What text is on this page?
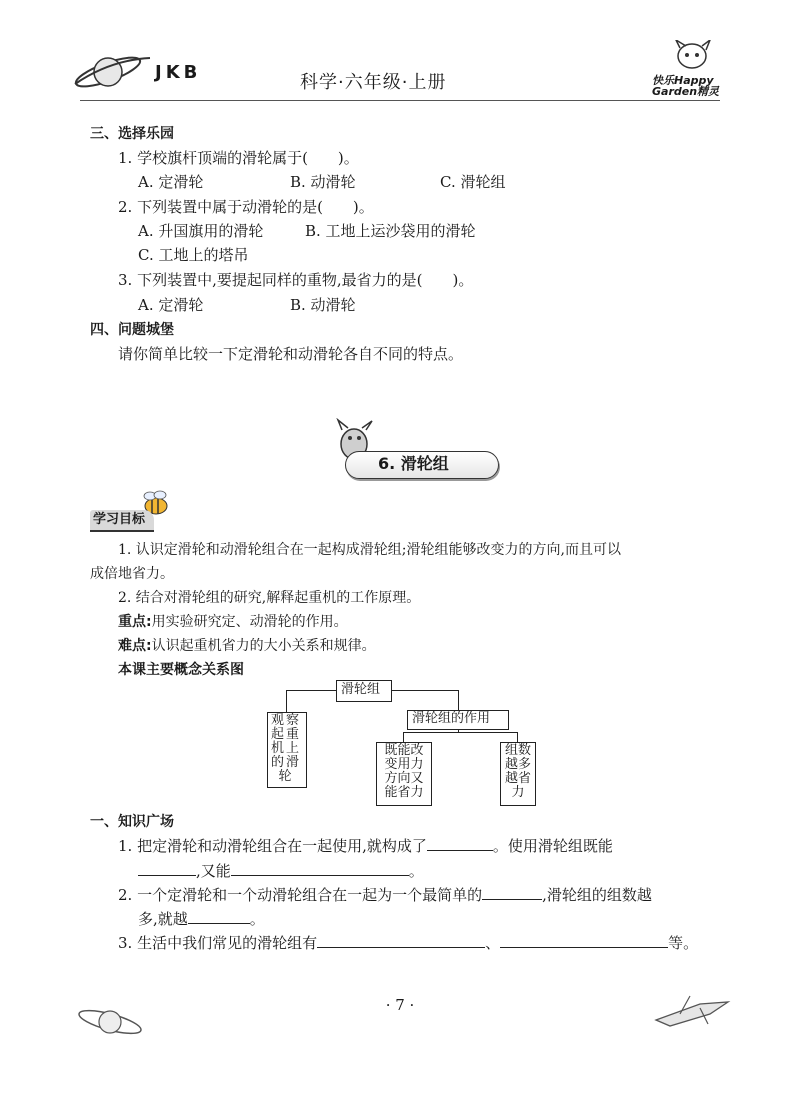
JKB	科学·六年级·上册	快乐Happy Garden精灵
三、选择乐园
1. 学校旗杆顶端的滑轮属于(　　)。
A. 定滑轮	B. 动滑轮	C. 滑轮组
2. 下列装置中属于动滑轮的是(　　)。
A. 升国旗用的滑轮	B. 工地上运沙袋用的滑轮
C. 工地上的塔吊
3. 下列装置中,要提起同样的重物,最省力的是(　　)。
A. 定滑轮	B. 动滑轮
四、问题城堡
请你简单比较一下定滑轮和动滑轮各自不同的特点。
6. 滑轮组
学习目标
1. 认识定滑轮和动滑轮组合在一起构成滑轮组;滑轮组能够改变力的方向,而且可以
成倍地省力。
2. 结合对滑轮组的研究,解释起重机的工作原理。
重点:用实验研究定、动滑轮的作用。
难点:认识起重机省力的大小关系和规律。
本课主要概念关系图
滑轮组
观察起重机上的滑轮
滑轮组的作用
既能改变用力方向又能省力
组数越多越省力
一、知识广场
1. 把定滑轮和动滑轮组合在一起使用,就构成了	。使用滑轮组既能
,又能	。
2. 一个定滑轮和一个动滑轮组合在一起为一个最简单的	,滑轮组的组数越
多,就越	。
3. 生活中我们常见的滑轮组有	、	等。
· 7 ·
